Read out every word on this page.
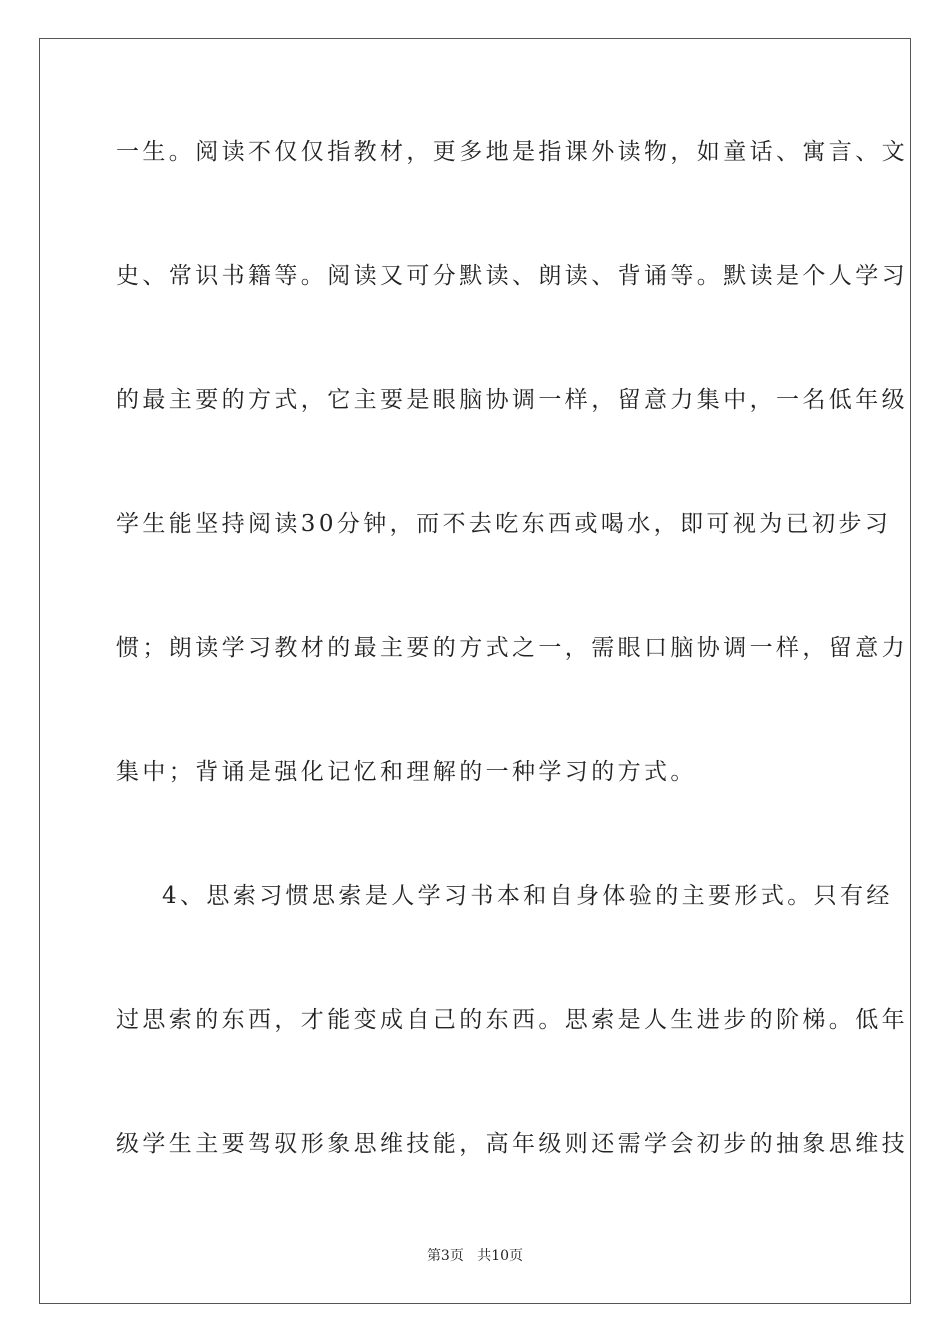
一生。阅读不仅仅指教材，更多地是指课外读物，如童话、寓言、文
史、常识书籍等。阅读又可分默读、朗读、背诵等。默读是个人学习
的最主要的方式，它主要是眼脑协调一样，留意力集中，一名低年级
学生能坚持阅读30分钟，而不去吃东西或喝水，即可视为已初步习
惯；朗读学习教材的最主要的方式之一，需眼口脑协调一样，留意力
集中；背诵是强化记忆和理解的一种学习的方式。
4、思索习惯思索是人学习书本和自身体验的主要形式。只有经
过思索的东西，才能变成自己的东西。思索是人生进步的阶梯。低年
级学生主要驾驭形象思维技能，高年级则还需学会初步的抽象思维技
第3页 共10页
